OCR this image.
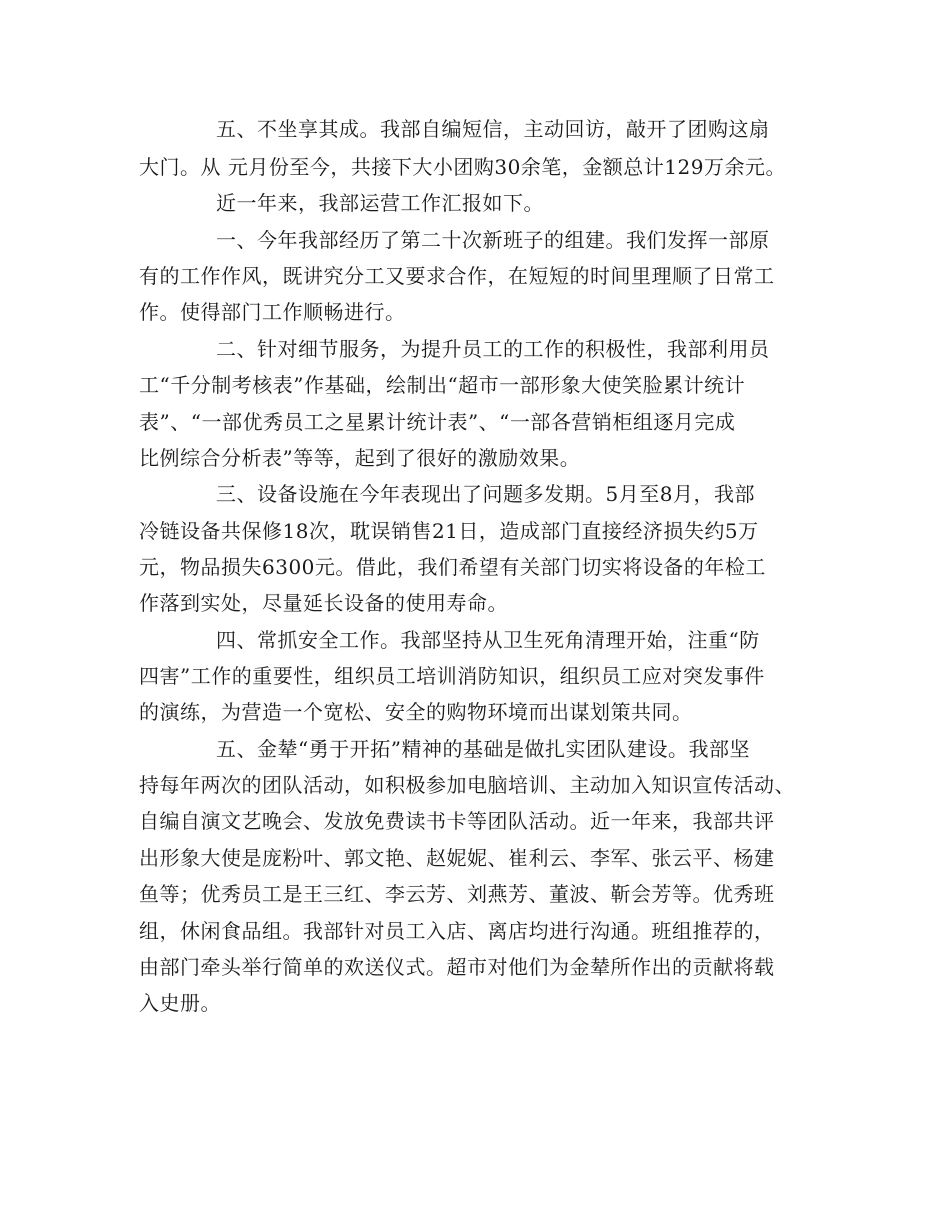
五、不坐享其成。我部自编短信，主动回访，敲开了团购这扇
大门。从 元月份至今，共接下大小团购30余笔，金额总计129万余元。
近一年来，我部运营工作汇报如下。
一、今年我部经历了第二十次新班子的组建。我们发挥一部原
有的工作作风，既讲究分工又要求合作，在短短的时间里理顺了日常工
作。使得部门工作顺畅进行。
二、针对细节服务，为提升员工的工作的积极性，我部利用员
工“千分制考核表”作基础，绘制出“超市一部形象大使笑脸累计统计
表”、“一部优秀员工之星累计统计表”、“一部各营销柜组逐月完成
比例综合分析表”等等，起到了很好的激励效果。
三、设备设施在今年表现出了问题多发期。5月至8月，我部
冷链设备共保修18次，耽误销售21日，造成部门直接经济损失约5万
元，物品损失6300元。借此，我们希望有关部门切实将设备的年检工
作落到实处，尽量延长设备的使用寿命。
四、常抓安全工作。我部坚持从卫生死角清理开始，注重“防
四害”工作的重要性，组织员工培训消防知识，组织员工应对突发事件
的演练，为营造一个宽松、安全的购物环境而出谋划策共同。
五、金辇“勇于开拓”精神的基础是做扎实团队建设。我部坚
持每年两次的团队活动，如积极参加电脑培训、主动加入知识宣传活动、
自编自演文艺晚会、发放免费读书卡等团队活动。近一年来，我部共评
出形象大使是庞粉叶、郭文艳、赵妮妮、崔利云、李军、张云平、杨建
鱼等；优秀员工是王三红、李云芳、刘燕芳、董波、靳会芳等。优秀班
组，休闲食品组。我部针对员工入店、离店均进行沟通。班组推荐的，
由部门牵头举行简单的欢送仪式。超市对他们为金辇所作出的贡献将载
入史册。
